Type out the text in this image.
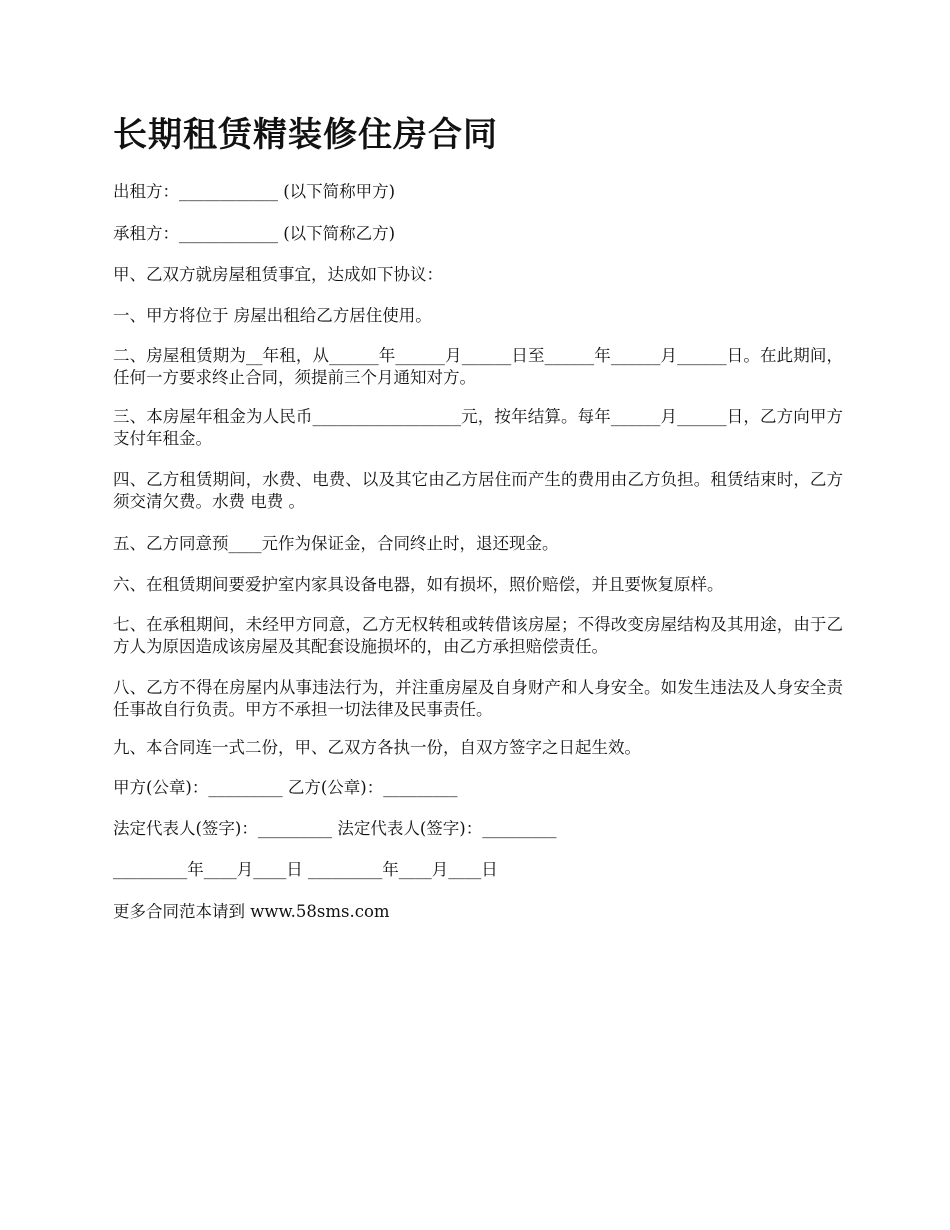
长期租赁精装修住房合同

出租方：____________ (以下简称甲方)

承租方：____________ (以下简称乙方)

甲、乙双方就房屋租赁事宜，达成如下协议：

一、甲方将位于 房屋出租给乙方居住使用。

二、房屋租赁期为__年租，从______年______月______日至______年______月______日。在此期间，任何一方要求终止合同，须提前三个月通知对方。

三、本房屋年租金为人民币__________________元，按年结算。每年______月______日，乙方向甲方支付年租金。

四、乙方租赁期间，水费、电费、以及其它由乙方居住而产生的费用由乙方负担。租赁结束时，乙方须交清欠费。水费 电费 。

五、乙方同意预____元作为保证金，合同终止时，退还现金。

六、在租赁期间要爱护室内家具设备电器，如有损坏，照价赔偿，并且要恢复原样。

七、在承租期间，未经甲方同意，乙方无权转租或转借该房屋；不得改变房屋结构及其用途，由于乙方人为原因造成该房屋及其配套设施损坏的，由乙方承担赔偿责任。

八、乙方不得在房屋内从事违法行为，并注重房屋及自身财产和人身安全。如发生违法及人身安全责任事故自行负责。甲方不承担一切法律及民事责任。

九、本合同连一式二份，甲、乙双方各执一份，自双方签字之日起生效。

甲方(公章)：_________ 乙方(公章)：_________

法定代表人(签字)：_________ 法定代表人(签字)：_________

_________年____月____日 _________年____月____日

更多合同范本请到 www.58sms.com
